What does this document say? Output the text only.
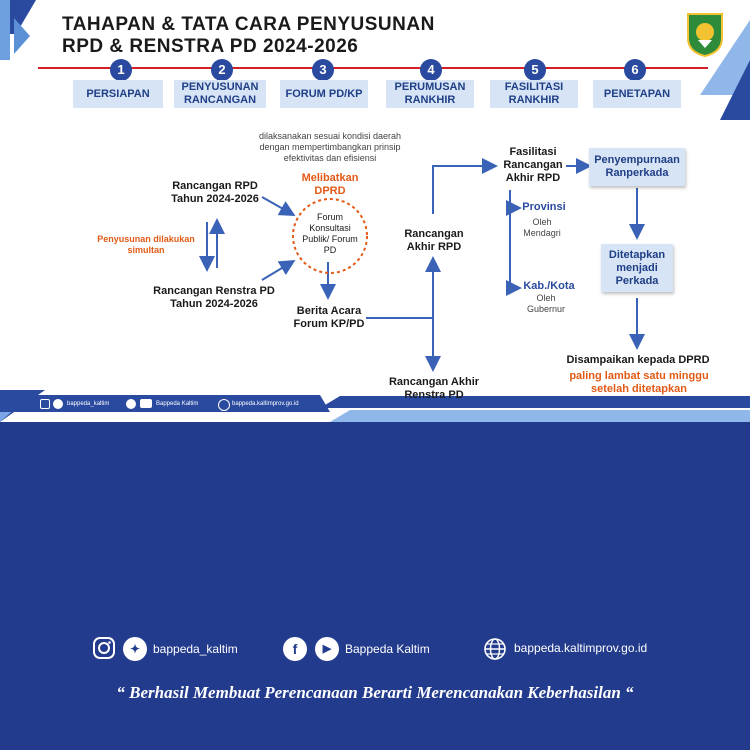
TAHAPAN & TATA CARA PENYUSUNAN
RPD & RENSTRA PD 2024-2026
1	2	3	4	5	6
PERSIAPAN
PENYUSUNAN RANCANGAN
FORUM PD/KP
PERUMUSAN RANKHIR
FASILITASI RANKHIR
PENETAPAN
dilaksanakan sesuai kondisi daerah dengan mempertimbangkan prinsip efektivitas dan efisiensi
Melibatkan DPRD
Rancangan RPD Tahun 2024-2026
Penyusunan dilakukan simultan
Rancangan Renstra PD Tahun 2024-2026
Forum Konsultasi Publik/ Forum PD
Berita Acara Forum KP/PD
Rancangan Akhir RPD
Rancangan Akhir Renstra PD
Fasilitasi Rancangan Akhir RPD
Provinsi
Oleh Mendagri
Kab./Kota
Oleh Gubernur
Penyempurnaan Ranperkada
Ditetapkan menjadi Perkada
Disampaikan kepada DPRD
paling lambat satu minggu setelah ditetapkan
bappeda_kaltim	Bappeda Kaltim	bappeda.kaltimprov.go.id
✦	bappeda_kaltim	f	▶	Bappeda Kaltim	bappeda.kaltimprov.go.id
“ Berhasil Membuat Perencanaan Berarti Merencanakan Keberhasilan “
